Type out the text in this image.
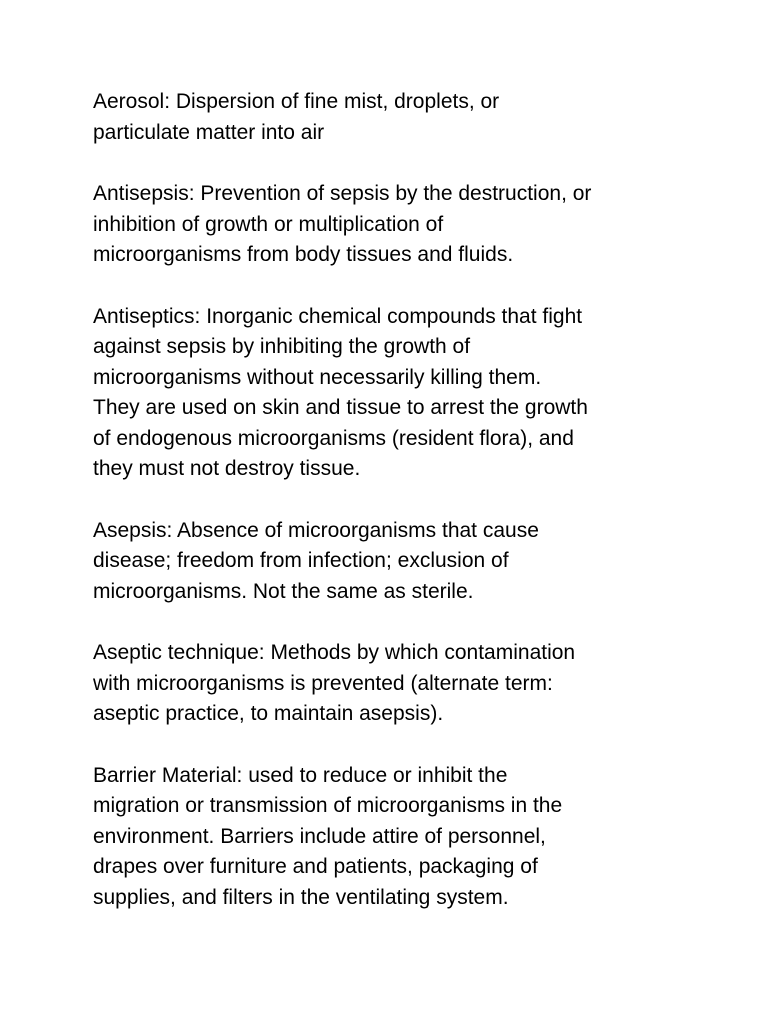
Aerosol: Dispersion of fine mist, droplets, or
particulate matter into air

Antisepsis: Prevention of sepsis by the destruction, or
inhibition of growth or multiplication of
microorganisms from body tissues and fluids.

Antiseptics: Inorganic chemical compounds that fight
against sepsis by inhibiting the growth of
microorganisms without necessarily killing them.
They are used on skin and tissue to arrest the growth
of endogenous microorganisms (resident flora), and
they must not destroy tissue.

Asepsis: Absence of microorganisms that cause
disease; freedom from infection; exclusion of
microorganisms. Not the same as sterile.

Aseptic technique: Methods by which contamination
with microorganisms is prevented (alternate term:
aseptic practice, to maintain asepsis).

Barrier Material: used to reduce or inhibit the
migration or transmission of microorganisms in the
environment. Barriers include attire of personnel,
drapes over furniture and patients, packaging of
supplies, and filters in the ventilating system.
